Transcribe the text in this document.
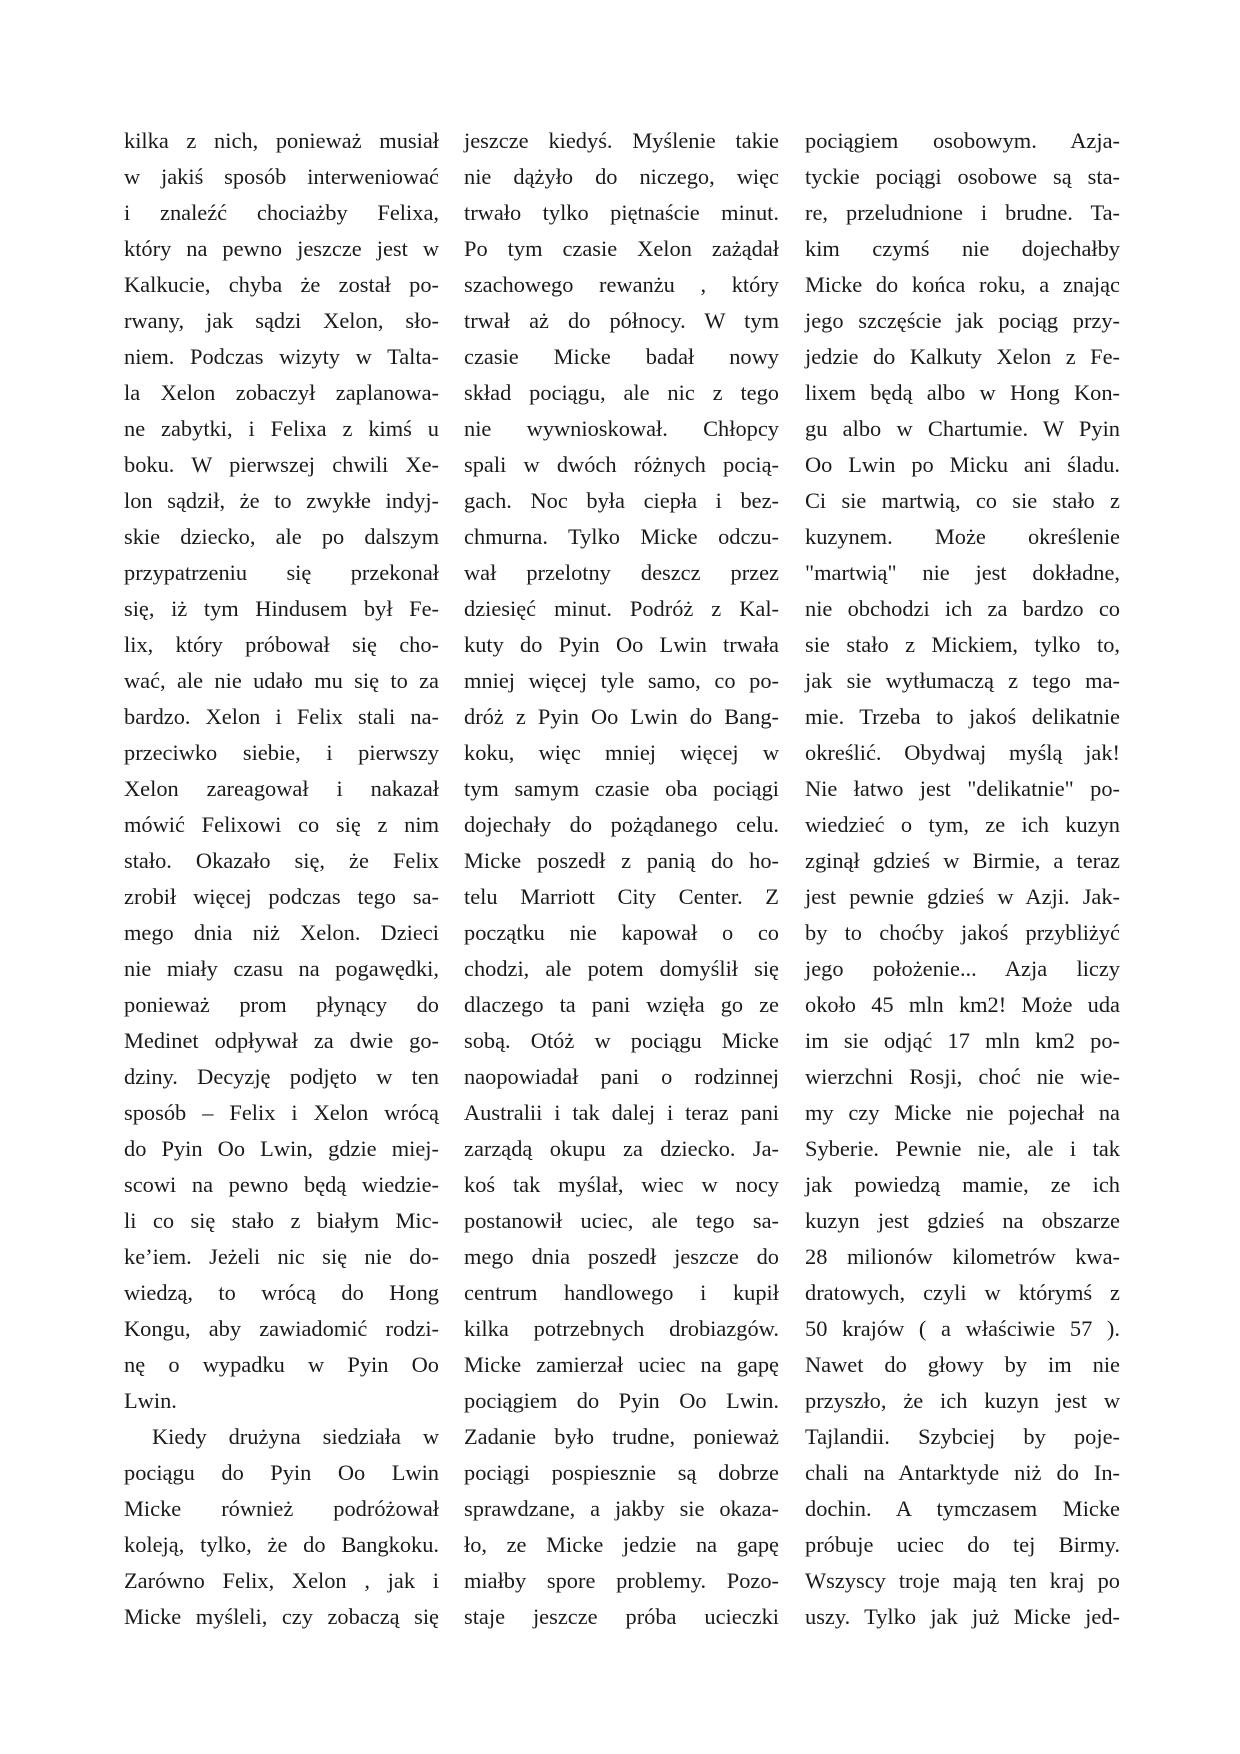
kilka z nich, ponieważ musiał
w jakiś sposób interweniować
i znaleźć chociażby Felixa,
który na pewno jeszcze jest w
Kalkucie, chyba że został po-
rwany, jak sądzi Xelon, sło-
niem. Podczas wizyty w Talta-
la Xelon zobaczył zaplanowa-
ne zabytki, i Felixa z kimś u
boku. W pierwszej chwili Xe-
lon sądził, że to zwykłe indyj-
skie dziecko, ale po dalszym
przypatrzeniu się przekonał
się, iż tym Hindusem był Fe-
lix, który próbował się cho-
wać, ale nie udało mu się to za
bardzo. Xelon i Felix stali na-
przeciwko siebie, i pierwszy
Xelon zareagował i nakazał
mówić Felixowi co się z nim
stało. Okazało się, że Felix
zrobił więcej podczas tego sa-
mego dnia niż Xelon. Dzieci
nie miały czasu na pogawędki,
ponieważ prom płynący do
Medinet odpływał za dwie go-
dziny. Decyzję podjęto w ten
sposób – Felix i Xelon wrócą
do Pyin Oo Lwin, gdzie miej-
scowi na pewno będą wiedzie-
li co się stało z białym Mic-
ke’iem. Jeżeli nic się nie do-
wiedzą, to wrócą do Hong
Kongu, aby zawiadomić rodzi-
nę o wypadku w Pyin Oo
Lwin.
Kiedy drużyna siedziała w
pociągu do Pyin Oo Lwin
Micke również podróżował
koleją, tylko, że do Bangkoku.
Zarówno Felix, Xelon , jak i
Micke myśleli, czy zobaczą się
jeszcze kiedyś. Myślenie takie
nie dążyło do niczego, więc
trwało tylko piętnaście minut.
Po tym czasie Xelon zażądał
szachowego rewanżu , który
trwał aż do północy. W tym
czasie Micke badał nowy
skład pociągu, ale nic z tego
nie wywnioskował. Chłopcy
spali w dwóch różnych pocią-
gach. Noc była ciepła i bez-
chmurna. Tylko Micke odczu-
wał przelotny deszcz przez
dziesięć minut. Podróż z Kal-
kuty do Pyin Oo Lwin trwała
mniej więcej tyle samo, co po-
dróż z Pyin Oo Lwin do Bang-
koku, więc mniej więcej w
tym samym czasie oba pociągi
dojechały do pożądanego celu.
Micke poszedł z panią do ho-
telu Marriott City Center. Z
początku nie kapował o co
chodzi, ale potem domyślił się
dlaczego ta pani wzięła go ze
sobą. Otóż w pociągu Micke
naopowiadał pani o rodzinnej
Australii i tak dalej i teraz pani
zarządą okupu za dziecko. Ja-
koś tak myślał, wiec w nocy
postanowił uciec, ale tego sa-
mego dnia poszedł jeszcze do
centrum handlowego i kupił
kilka potrzebnych drobiazgów.
Micke zamierzał uciec na gapę
pociągiem do Pyin Oo Lwin.
Zadanie było trudne, ponieważ
pociągi pospiesznie są dobrze
sprawdzane, a jakby sie okaza-
ło, ze Micke jedzie na gapę
miałby spore problemy. Pozo-
staje jeszcze próba ucieczki
pociągiem osobowym. Azja-
tyckie pociągi osobowe są sta-
re, przeludnione i brudne. Ta-
kim czymś nie dojechałby
Micke do końca roku, a znając
jego szczęście jak pociąg przy-
jedzie do Kalkuty Xelon z Fe-
lixem będą albo w Hong Kon-
gu albo w Chartumie. W Pyin
Oo Lwin po Micku ani śladu.
Ci sie martwią, co sie stało z
kuzynem. Może określenie
"martwią" nie jest dokładne,
nie obchodzi ich za bardzo co
sie stało z Mickiem, tylko to,
jak sie wytłumaczą z tego ma-
mie. Trzeba to jakoś delikatnie
określić. Obydwaj myślą jak!
Nie łatwo jest "delikatnie" po-
wiedzieć o tym, ze ich kuzyn
zginął gdzieś w Birmie, a teraz
jest pewnie gdzieś w Azji. Jak-
by to choćby jakoś przybliżyć
jego położenie... Azja liczy
około 45 mln km2! Może uda
im sie odjąć 17 mln km2 po-
wierzchni Rosji, choć nie wie-
my czy Micke nie pojechał na
Syberie. Pewnie nie, ale i tak
jak powiedzą mamie, ze ich
kuzyn jest gdzieś na obszarze
28 milionów kilometrów kwa-
dratowych, czyli w którymś z
50 krajów ( a właściwie 57 ).
Nawet do głowy by im nie
przyszło, że ich kuzyn jest w
Tajlandii. Szybciej by poje-
chali na Antarktyde niż do In-
dochin. A tymczasem Micke
próbuje uciec do tej Birmy.
Wszyscy troje mają ten kraj po
uszy. Tylko jak już Micke jed-
